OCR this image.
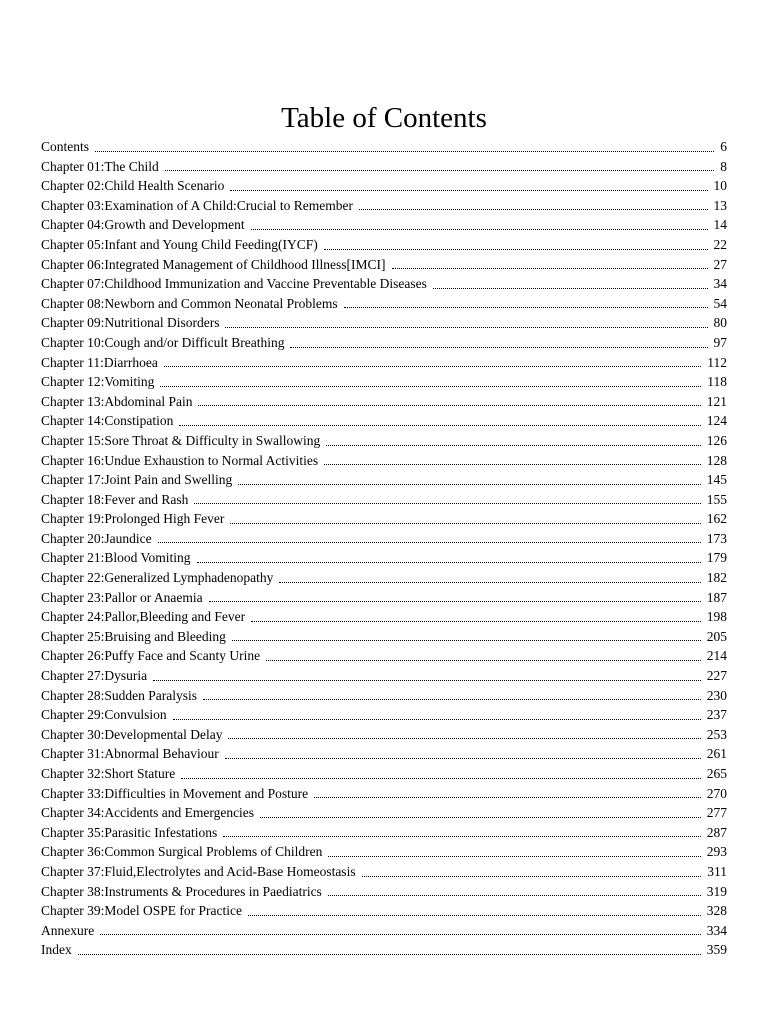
Table of Contents
Contents	6
Chapter 01:The Child	8
Chapter 02:Child Health Scenario	10
Chapter 03:Examination of A Child:Crucial to Remember	13
Chapter 04:Growth and Development	14
Chapter 05:Infant and Young Child Feeding(IYCF)	22
Chapter 06:Integrated Management of Childhood Illness[IMCI]	27
Chapter 07:Childhood Immunization and Vaccine Preventable Diseases	34
Chapter 08:Newborn and Common Neonatal Problems	54
Chapter 09:Nutritional Disorders	80
Chapter 10:Cough and/or Difficult Breathing	97
Chapter 11:Diarrhoea	112
Chapter 12:Vomiting	118
Chapter 13:Abdominal Pain	121
Chapter 14:Constipation	124
Chapter 15:Sore Throat & Difficulty in Swallowing	126
Chapter 16:Undue Exhaustion to Normal Activities	128
Chapter 17:Joint Pain and Swelling	145
Chapter 18:Fever and Rash	155
Chapter 19:Prolonged High Fever	162
Chapter 20:Jaundice	173
Chapter 21:Blood Vomiting	179
Chapter 22:Generalized Lymphadenopathy	182
Chapter 23:Pallor or Anaemia	187
Chapter 24:Pallor,Bleeding and Fever	198
Chapter 25:Bruising and Bleeding	205
Chapter 26:Puffy Face and Scanty Urine	214
Chapter 27:Dysuria	227
Chapter 28:Sudden Paralysis	230
Chapter 29:Convulsion	237
Chapter 30:Developmental Delay	253
Chapter 31:Abnormal Behaviour	261
Chapter 32:Short Stature	265
Chapter 33:Difficulties in Movement and Posture	270
Chapter 34:Accidents and Emergencies	277
Chapter 35:Parasitic Infestations	287
Chapter 36:Common Surgical Problems of Children	293
Chapter 37:Fluid,Electrolytes and Acid-Base Homeostasis	311
Chapter 38:Instruments & Procedures in Paediatrics	319
Chapter 39:Model OSPE for Practice	328
Annexure	334
Index	359
